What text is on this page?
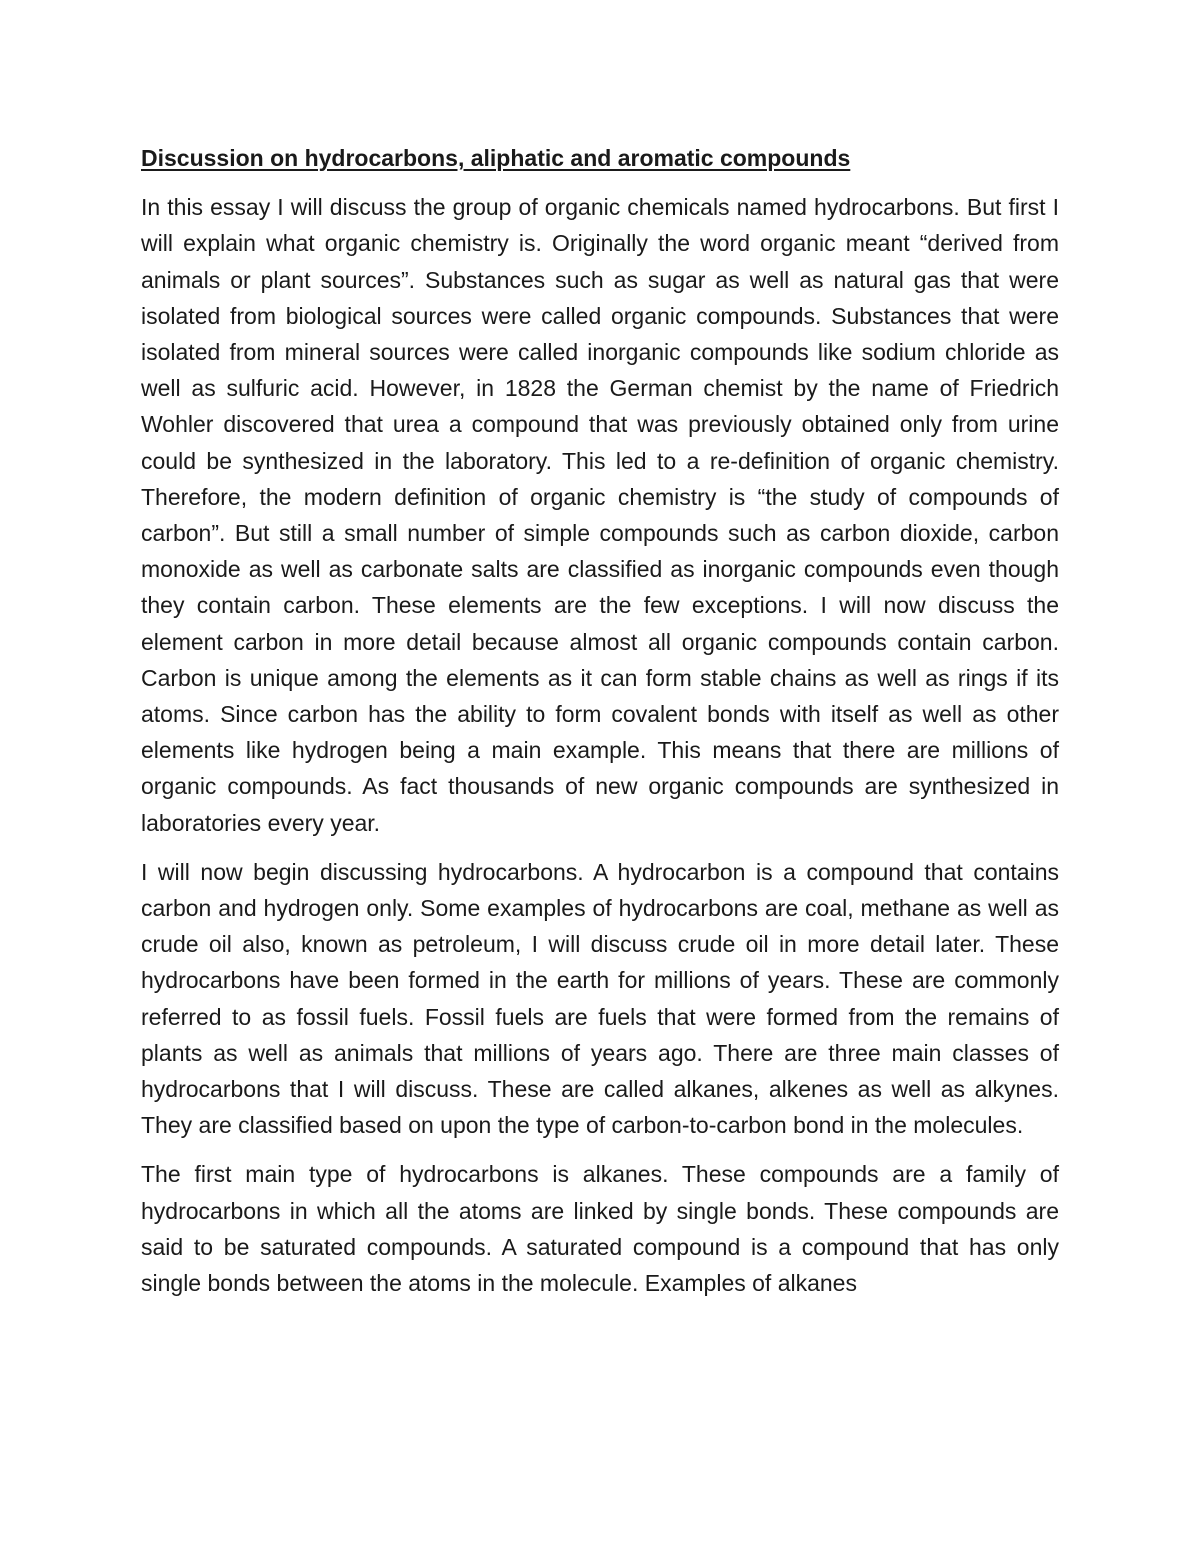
Discussion on hydrocarbons, aliphatic and aromatic compounds

In this essay I will discuss the group of organic chemicals named hydrocarbons. But first I will explain what organic chemistry is. Originally the word organic meant “derived from animals or plant sources”. Substances such as sugar as well as natural gas that were isolated from biological sources were called organic compounds. Substances that were isolated from mineral sources were called inorganic compounds like sodium chloride as well as sulfuric acid. However, in 1828 the German chemist by the name of Friedrich Wohler discovered that urea a compound that was previously obtained only from urine could be synthesized in the laboratory. This led to a re-definition of organic chemistry. Therefore, the modern definition of organic chemistry is “the study of compounds of carbon”. But still a small number of simple compounds such as carbon dioxide, carbon monoxide as well as carbonate salts are classified as inorganic compounds even though they contain carbon. These elements are the few exceptions. I will now discuss the element carbon in more detail because almost all organic compounds contain carbon. Carbon is unique among the elements as it can form stable chains as well as rings if its atoms. Since carbon has the ability to form covalent bonds with itself as well as other elements like hydrogen being a main example. This means that there are millions of organic compounds. As fact thousands of new organic compounds are synthesized in laboratories every year.

I will now begin discussing hydrocarbons. A hydrocarbon is a compound that contains carbon and hydrogen only. Some examples of hydrocarbons are coal, methane as well as crude oil also, known as petroleum, I will discuss crude oil in more detail later. These hydrocarbons have been formed in the earth for millions of years. These are commonly referred to as fossil fuels. Fossil fuels are fuels that were formed from the remains of plants as well as animals that millions of years ago. There are three main classes of hydrocarbons that I will discuss. These are called alkanes, alkenes as well as alkynes. They are classified based on upon the type of carbon-to-carbon bond in the molecules.

The first main type of hydrocarbons is alkanes. These compounds are a family of hydrocarbons in which all the atoms are linked by single bonds. These compounds are said to be saturated compounds. A saturated compound is a compound that has only single bonds between the atoms in the molecule. Examples of alkanes
